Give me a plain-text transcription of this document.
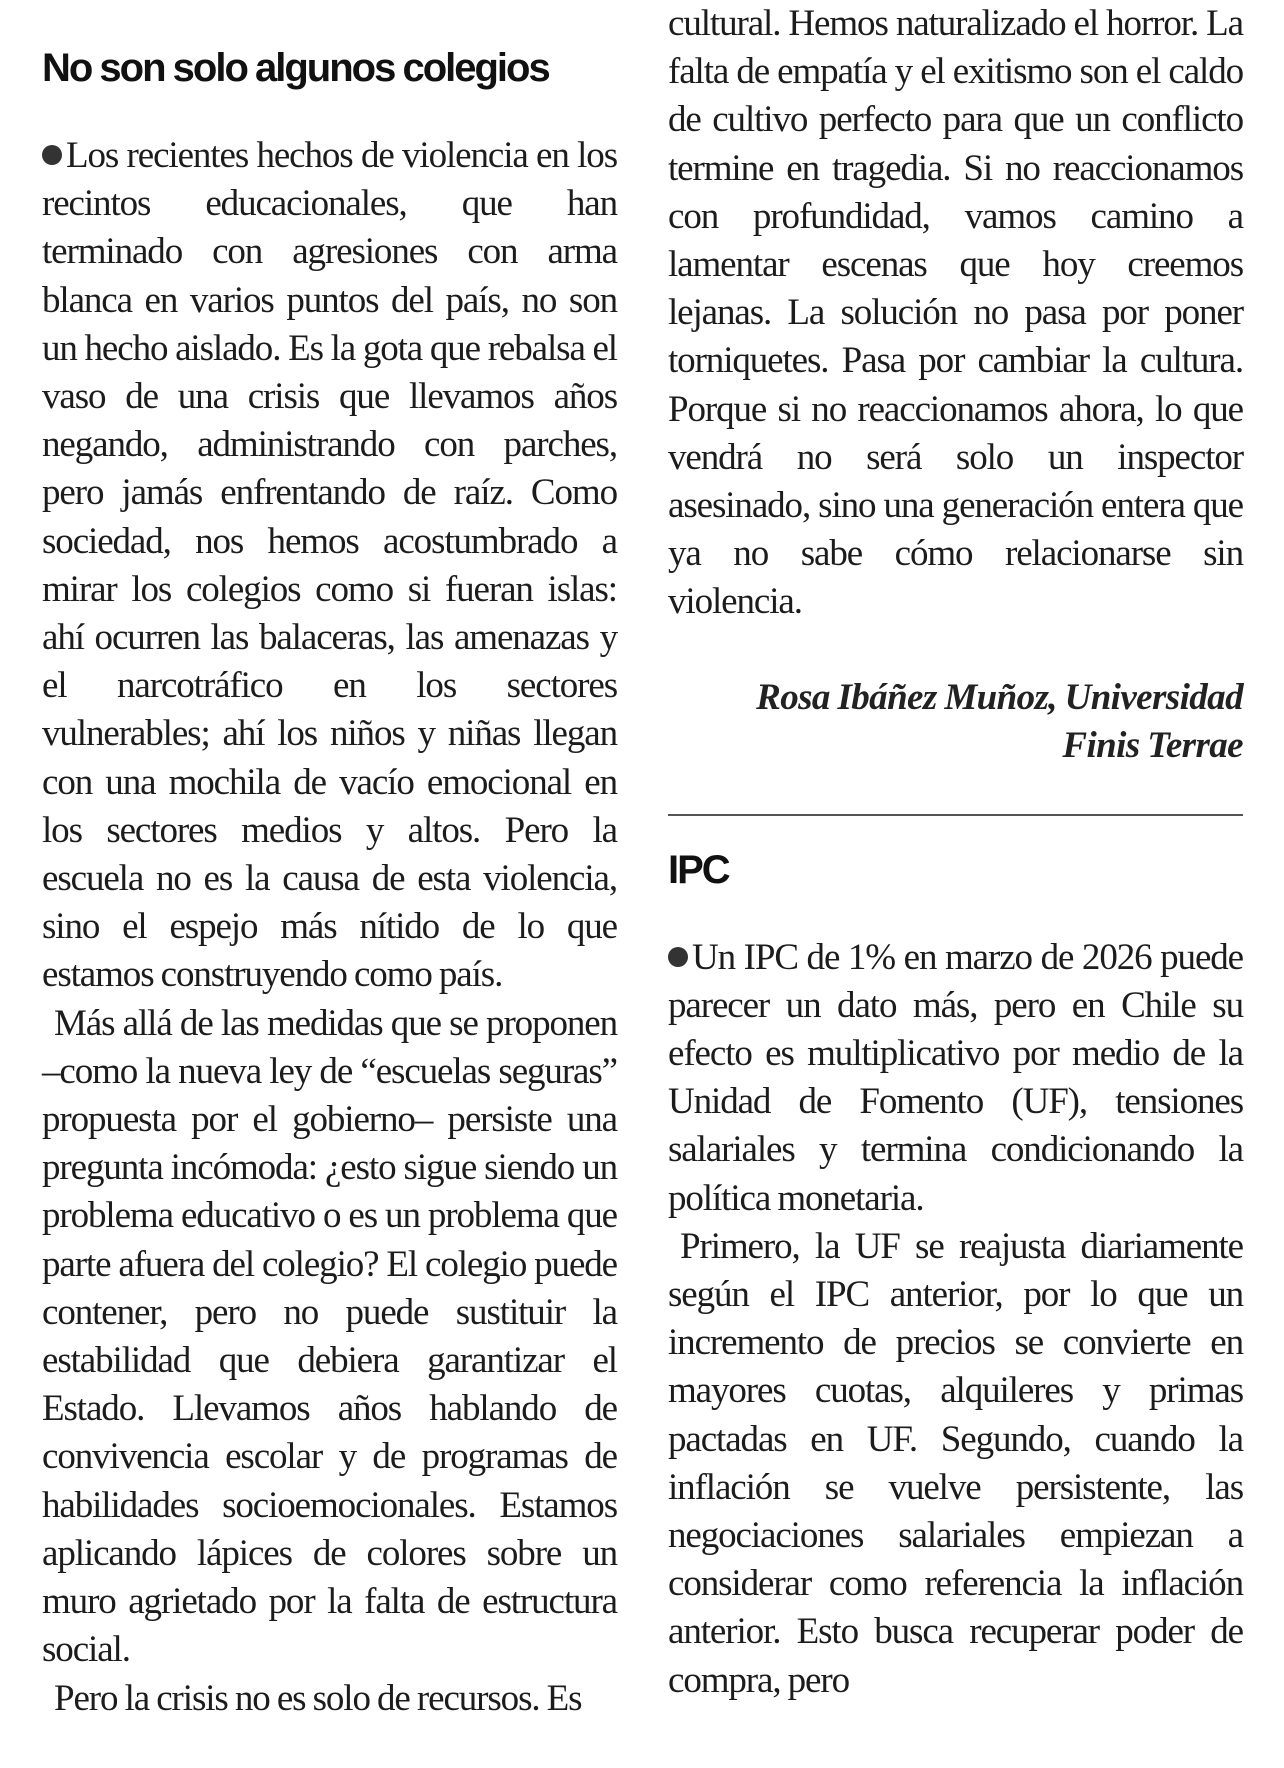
No son solo algunos colegios

Los recientes hechos de violencia en los recintos educacionales, que han terminado con agresiones con arma blanca en varios puntos del país, no son un hecho aislado. Es la gota que rebalsa el vaso de una crisis que llevamos años negando, administrando con parches, pero jamás enfrentando de raíz. Como sociedad, nos hemos acostumbrado a mirar los colegios como si fueran islas: ahí ocurren las balaceras, las amenazas y el narcotráfico en los sectores vulnerables; ahí los niños y niñas llegan con una mochila de vacío emocional en los sectores medios y altos. Pero la escuela no es la causa de esta violencia, sino el espejo más nítido de lo que estamos construyendo como país.

Más allá de las medidas que se proponen –como la nueva ley de “escuelas seguras” propuesta por el gobierno– persiste una pregunta incómoda: ¿esto sigue siendo un problema educativo o es un problema que parte afuera del colegio? El colegio puede contener, pero no puede sustituir la estabilidad que debiera garantizar el Estado. Llevamos años hablando de convivencia escolar y de programas de habilidades socioemocionales. Estamos aplicando lápices de colores sobre un muro agrietado por la falta de estructura social.

Pero la crisis no es solo de recursos. Es

cultural. Hemos naturalizado el horror. La falta de empatía y el exitismo son el caldo de cultivo perfecto para que un conflicto termine en tragedia. Si no reaccionamos con profundidad, vamos camino a lamentar escenas que hoy creemos lejanas. La solución no pasa por poner torniquetes. Pasa por cambiar la cultura. Porque si no reaccionamos ahora, lo que vendrá no será solo un inspector asesinado, sino una generación entera que ya no sabe cómo relacionarse sin violencia.

Rosa Ibáñez Muñoz, Universidad
Finis Terrae
IPC

Un IPC de 1% en marzo de 2026 puede parecer un dato más, pero en Chile su efecto es multiplicativo por medio de la Unidad de Fomento (UF), tensiones salariales y termina condicionando la política monetaria.

Primero, la UF se reajusta diariamente según el IPC anterior, por lo que un incremento de precios se convierte en mayores cuotas, alquileres y primas pactadas en UF. Segundo, cuando la inflación se vuelve persistente, las negociaciones salariales empiezan a considerar como referencia la inflación anterior. Esto busca recuperar poder de compra, pero
